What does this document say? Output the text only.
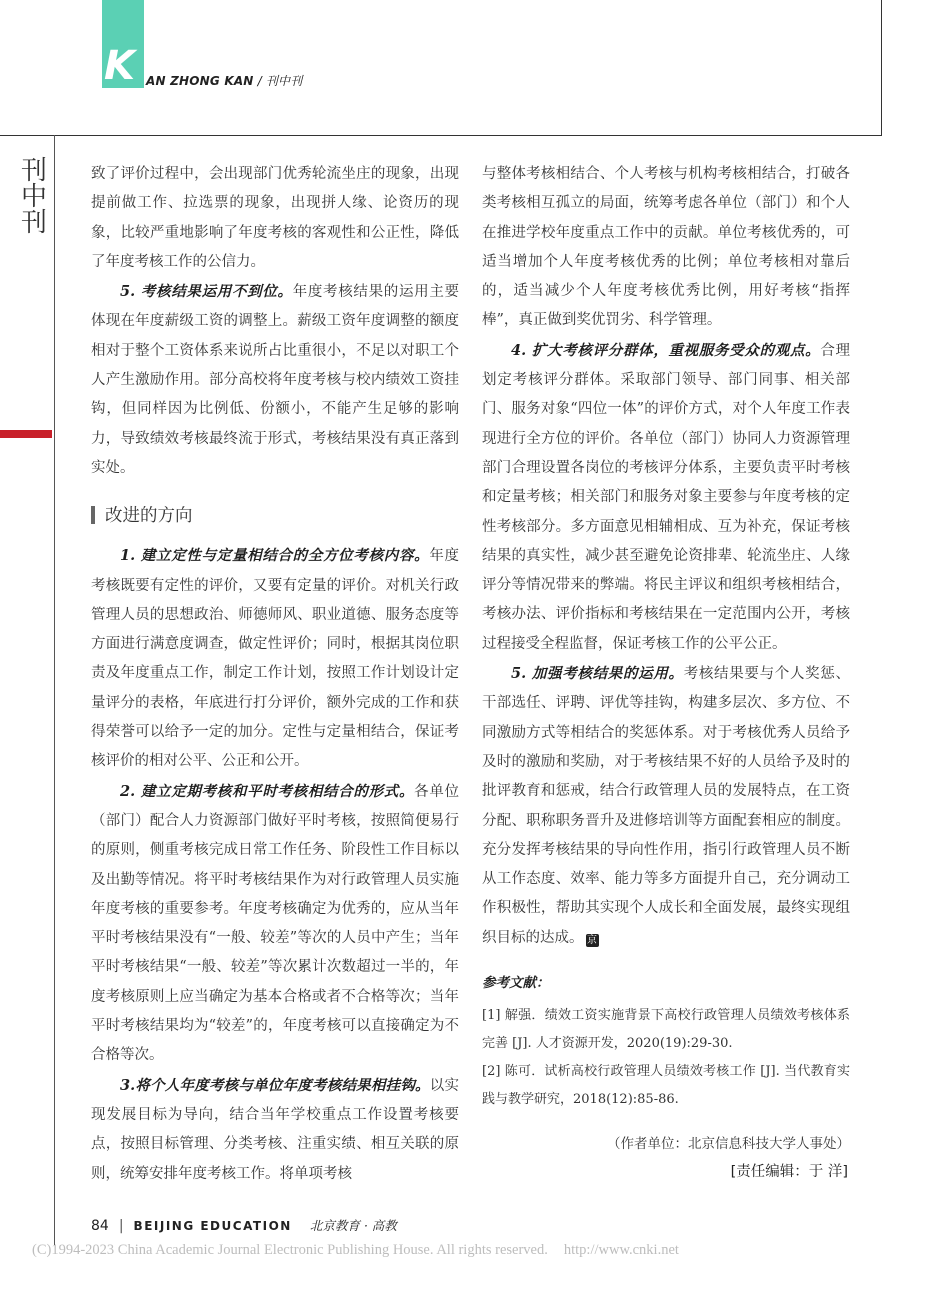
K AN ZHONG KAN / 刊中刊
刊中刊

致了评价过程中，会出现部门优秀轮流坐庄的现象，出现提前做工作、拉选票的现象，出现拼人缘、论资历的现象，比较严重地影响了年度考核的客观性和公正性，降低了年度考核工作的公信力。

5. 考核结果运用不到位。年度考核结果的运用主要体现在年度薪级工资的调整上。薪级工资年度调整的额度相对于整个工资体系来说所占比重很小，不足以对职工个人产生激励作用。部分高校将年度考核与校内绩效工资挂钩，但同样因为比例低、份额小，不能产生足够的影响力，导致绩效考核最终流于形式，考核结果没有真正落到实处。

改进的方向

1. 建立定性与定量相结合的全方位考核内容。年度考核既要有定性的评价，又要有定量的评价。对机关行政管理人员的思想政治、师德师风、职业道德、服务态度等方面进行满意度调查，做定性评价；同时，根据其岗位职责及年度重点工作，制定工作计划，按照工作计划设计定量评分的表格，年底进行打分评价，额外完成的工作和获得荣誉可以给予一定的加分。定性与定量相结合，保证考核评价的相对公平、公正和公开。

2. 建立定期考核和平时考核相结合的形式。各单位（部门）配合人力资源部门做好平时考核，按照简便易行的原则，侧重考核完成日常工作任务、阶段性工作目标以及出勤等情况。将平时考核结果作为对行政管理人员实施年度考核的重要参考。年度考核确定为优秀的，应从当年平时考核结果没有“一般、较差”等次的人员中产生；当年平时考核结果“一般、较差”等次累计次数超过一半的，年度考核原则上应当确定为基本合格或者不合格等次；当年平时考核结果均为“较差”的，年度考核可以直接确定为不合格等次。

3.将个人年度考核与单位年度考核结果相挂钩。以实现发展目标为导向，结合当年学校重点工作设置考核要点，按照目标管理、分类考核、注重实绩、相互关联的原则，统筹安排年度考核工作。将单项考核

与整体考核相结合、个人考核与机构考核相结合，打破各类考核相互孤立的局面，统筹考虑各单位（部门）和个人在推进学校年度重点工作中的贡献。单位考核优秀的，可适当增加个人年度考核优秀的比例；单位考核相对靠后的，适当减少个人年度考核优秀比例，用好考核“指挥棒”，真正做到奖优罚劣、科学管理。

4. 扩大考核评分群体，重视服务受众的观点。合理划定考核评分群体。采取部门领导、部门同事、相关部门、服务对象“四位一体”的评价方式，对个人年度工作表现进行全方位的评价。各单位（部门）协同人力资源管理部门合理设置各岗位的考核评分体系，主要负责平时考核和定量考核；相关部门和服务对象主要参与年度考核的定性考核部分。多方面意见相辅相成、互为补充，保证考核结果的真实性，减少甚至避免论资排辈、轮流坐庄、人缘评分等情况带来的弊端。将民主评议和组织考核相结合，考核办法、评价指标和考核结果在一定范围内公开，考核过程接受全程监督，保证考核工作的公平公正。

5. 加强考核结果的运用。考核结果要与个人奖惩、干部选任、评聘、评优等挂钩，构建多层次、多方位、不同激励方式等相结合的奖惩体系。对于考核优秀人员给予及时的激励和奖励，对于考核结果不好的人员给予及时的批评教育和惩戒，结合行政管理人员的发展特点，在工资分配、职称职务晋升及进修培训等方面配套相应的制度。充分发挥考核结果的导向性作用，指引行政管理人员不断从工作态度、效率、能力等多方面提升自己，充分调动工作积极性，帮助其实现个人成长和全面发展，最终实现组织目标的达成。 京

参考文献：

[1] 解强．绩效工资实施背景下高校行政管理人员绩效考核体系完善 [J]. 人才资源开发，2020(19):29-30.

[2] 陈可．试析高校行政管理人员绩效考核工作 [J]. 当代教育实践与教学研究，2018(12):85-86.

（作者单位：北京信息科技大学人事处）

[责任编辑：于 洋]

84 | BEIJING EDUCATION 北京教育 · 高教
(C)1994-2023 China Academic Journal Electronic Publishing House. All rights reserved. http://www.cnki.net
